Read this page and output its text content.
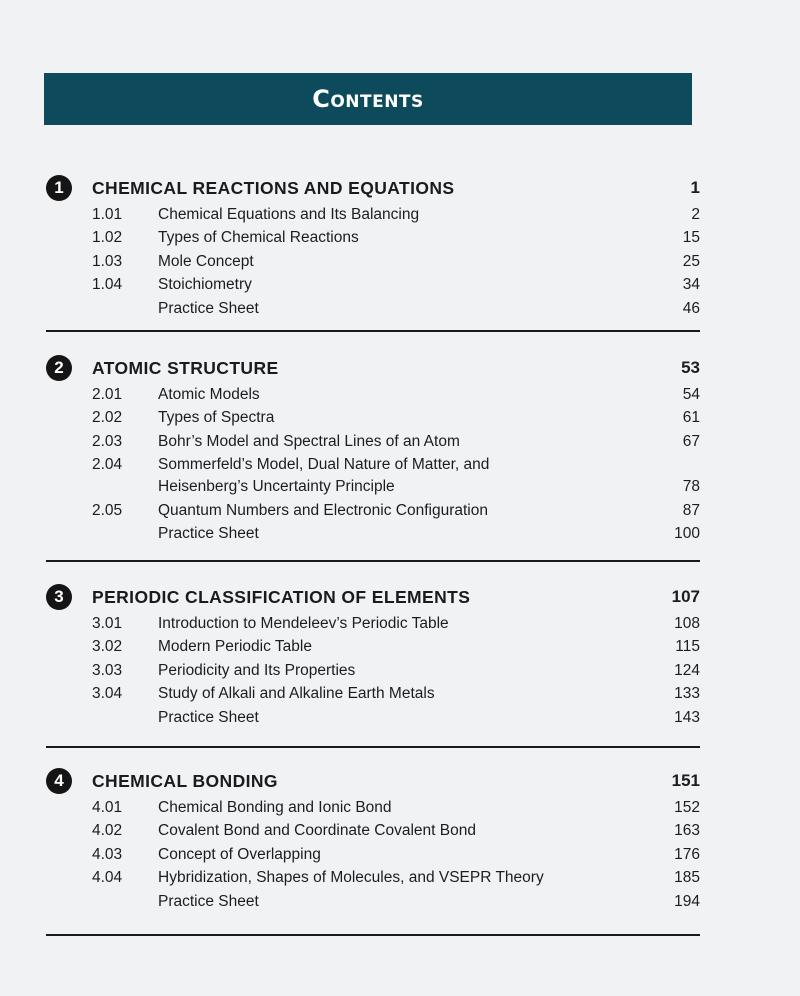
Contents
1	CHEMICAL REACTIONS AND EQUATIONS	1
1.01	Chemical Equations and Its Balancing	2
1.02	Types of Chemical Reactions	15
1.03	Mole Concept	25
1.04	Stoichiometry	34
Practice Sheet	46
2	ATOMIC STRUCTURE	53
2.01	Atomic Models	54
2.02	Types of Spectra	61
2.03	Bohr’s Model and Spectral Lines of an Atom	67
2.04	Sommerfeld’s Model, Dual Nature of Matter, and Heisenberg’s Uncertainty Principle	78
2.05	Quantum Numbers and Electronic Configuration	87
Practice Sheet	100
3	PERIODIC CLASSIFICATION OF ELEMENTS	107
3.01	Introduction to Mendeleev’s Periodic Table	108
3.02	Modern Periodic Table	115
3.03	Periodicity and Its Properties	124
3.04	Study of Alkali and Alkaline Earth Metals	133
Practice Sheet	143
4	CHEMICAL BONDING	151
4.01	Chemical Bonding and Ionic Bond	152
4.02	Covalent Bond and Coordinate Covalent Bond	163
4.03	Concept of Overlapping	176
4.04	Hybridization, Shapes of Molecules, and VSEPR Theory	185
Practice Sheet	194
